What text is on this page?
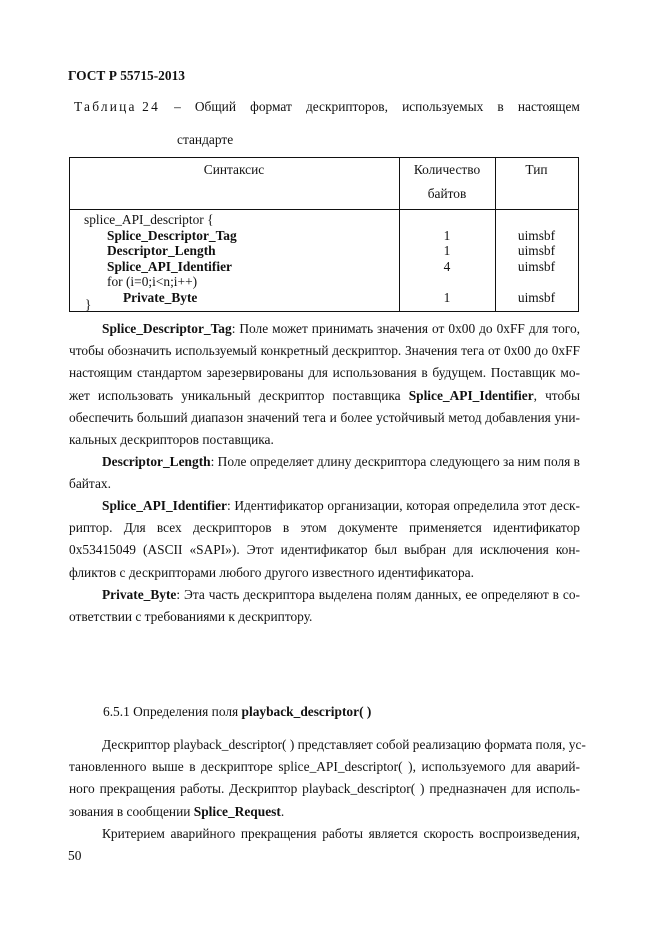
ГОСТ Р 55715-2013
Таблица 24 – Общий формат дескрипторов, используемых в настоящем
стандарте
Синтаксис	Количество
байтов
Тип
splice_API_descriptor {
Splice_Descriptor_Tag
Descriptor_Length
Splice_API_Identifier
for (i=0;i<n;i++)
Private_Byte
}
1
1
4
1
uimsbf
uimsbf
uimsbf
uimsbf
Splice_Descriptor_Tag: Поле может принимать значения от 0x00 до 0xFF для того,
чтобы обозначить используемый конкретный дескриптор. Значения тега от 0x00 до 0xFF
настоящим стандартом зарезервированы для использования в будущем. Поставщик мо-
жет использовать уникальный дескриптор поставщика Splice_API_Identifier, чтобы
обеспечить больший диапазон значений тега и более устойчивый метод добавления уни-
кальных дескрипторов поставщика.
Descriptor_Length: Поле определяет длину дескриптора следующего за ним поля в
байтах.
Splice_API_Identifier: Идентификатор организации, которая определила этот деск-
риптор. Для всех дескрипторов в этом документе применяется идентификатор
0x53415049 (ASCII «SAPI»). Этот идентификатор был выбран для исключения кон-
фликтов с дескрипторами любого другого известного идентификатора.
Private_Byte: Эта часть дескриптора выделена полям данных, ее определяют в со-
ответствии с требованиями к дескриптору.
6.5.1 Определения поля playback_descriptor( )
Дескриптор playback_descriptor( ) представляет собой реализацию формата поля, ус-
тановленного выше в дескрипторе splice_API_descriptor( ), используемого для аварий-
ного прекращения работы. Дескриптор playback_descriptor( ) предназначен для исполь-
зования в сообщении Splice_Request.
Критерием аварийного прекращения работы является скорость воспроизведения,
50
